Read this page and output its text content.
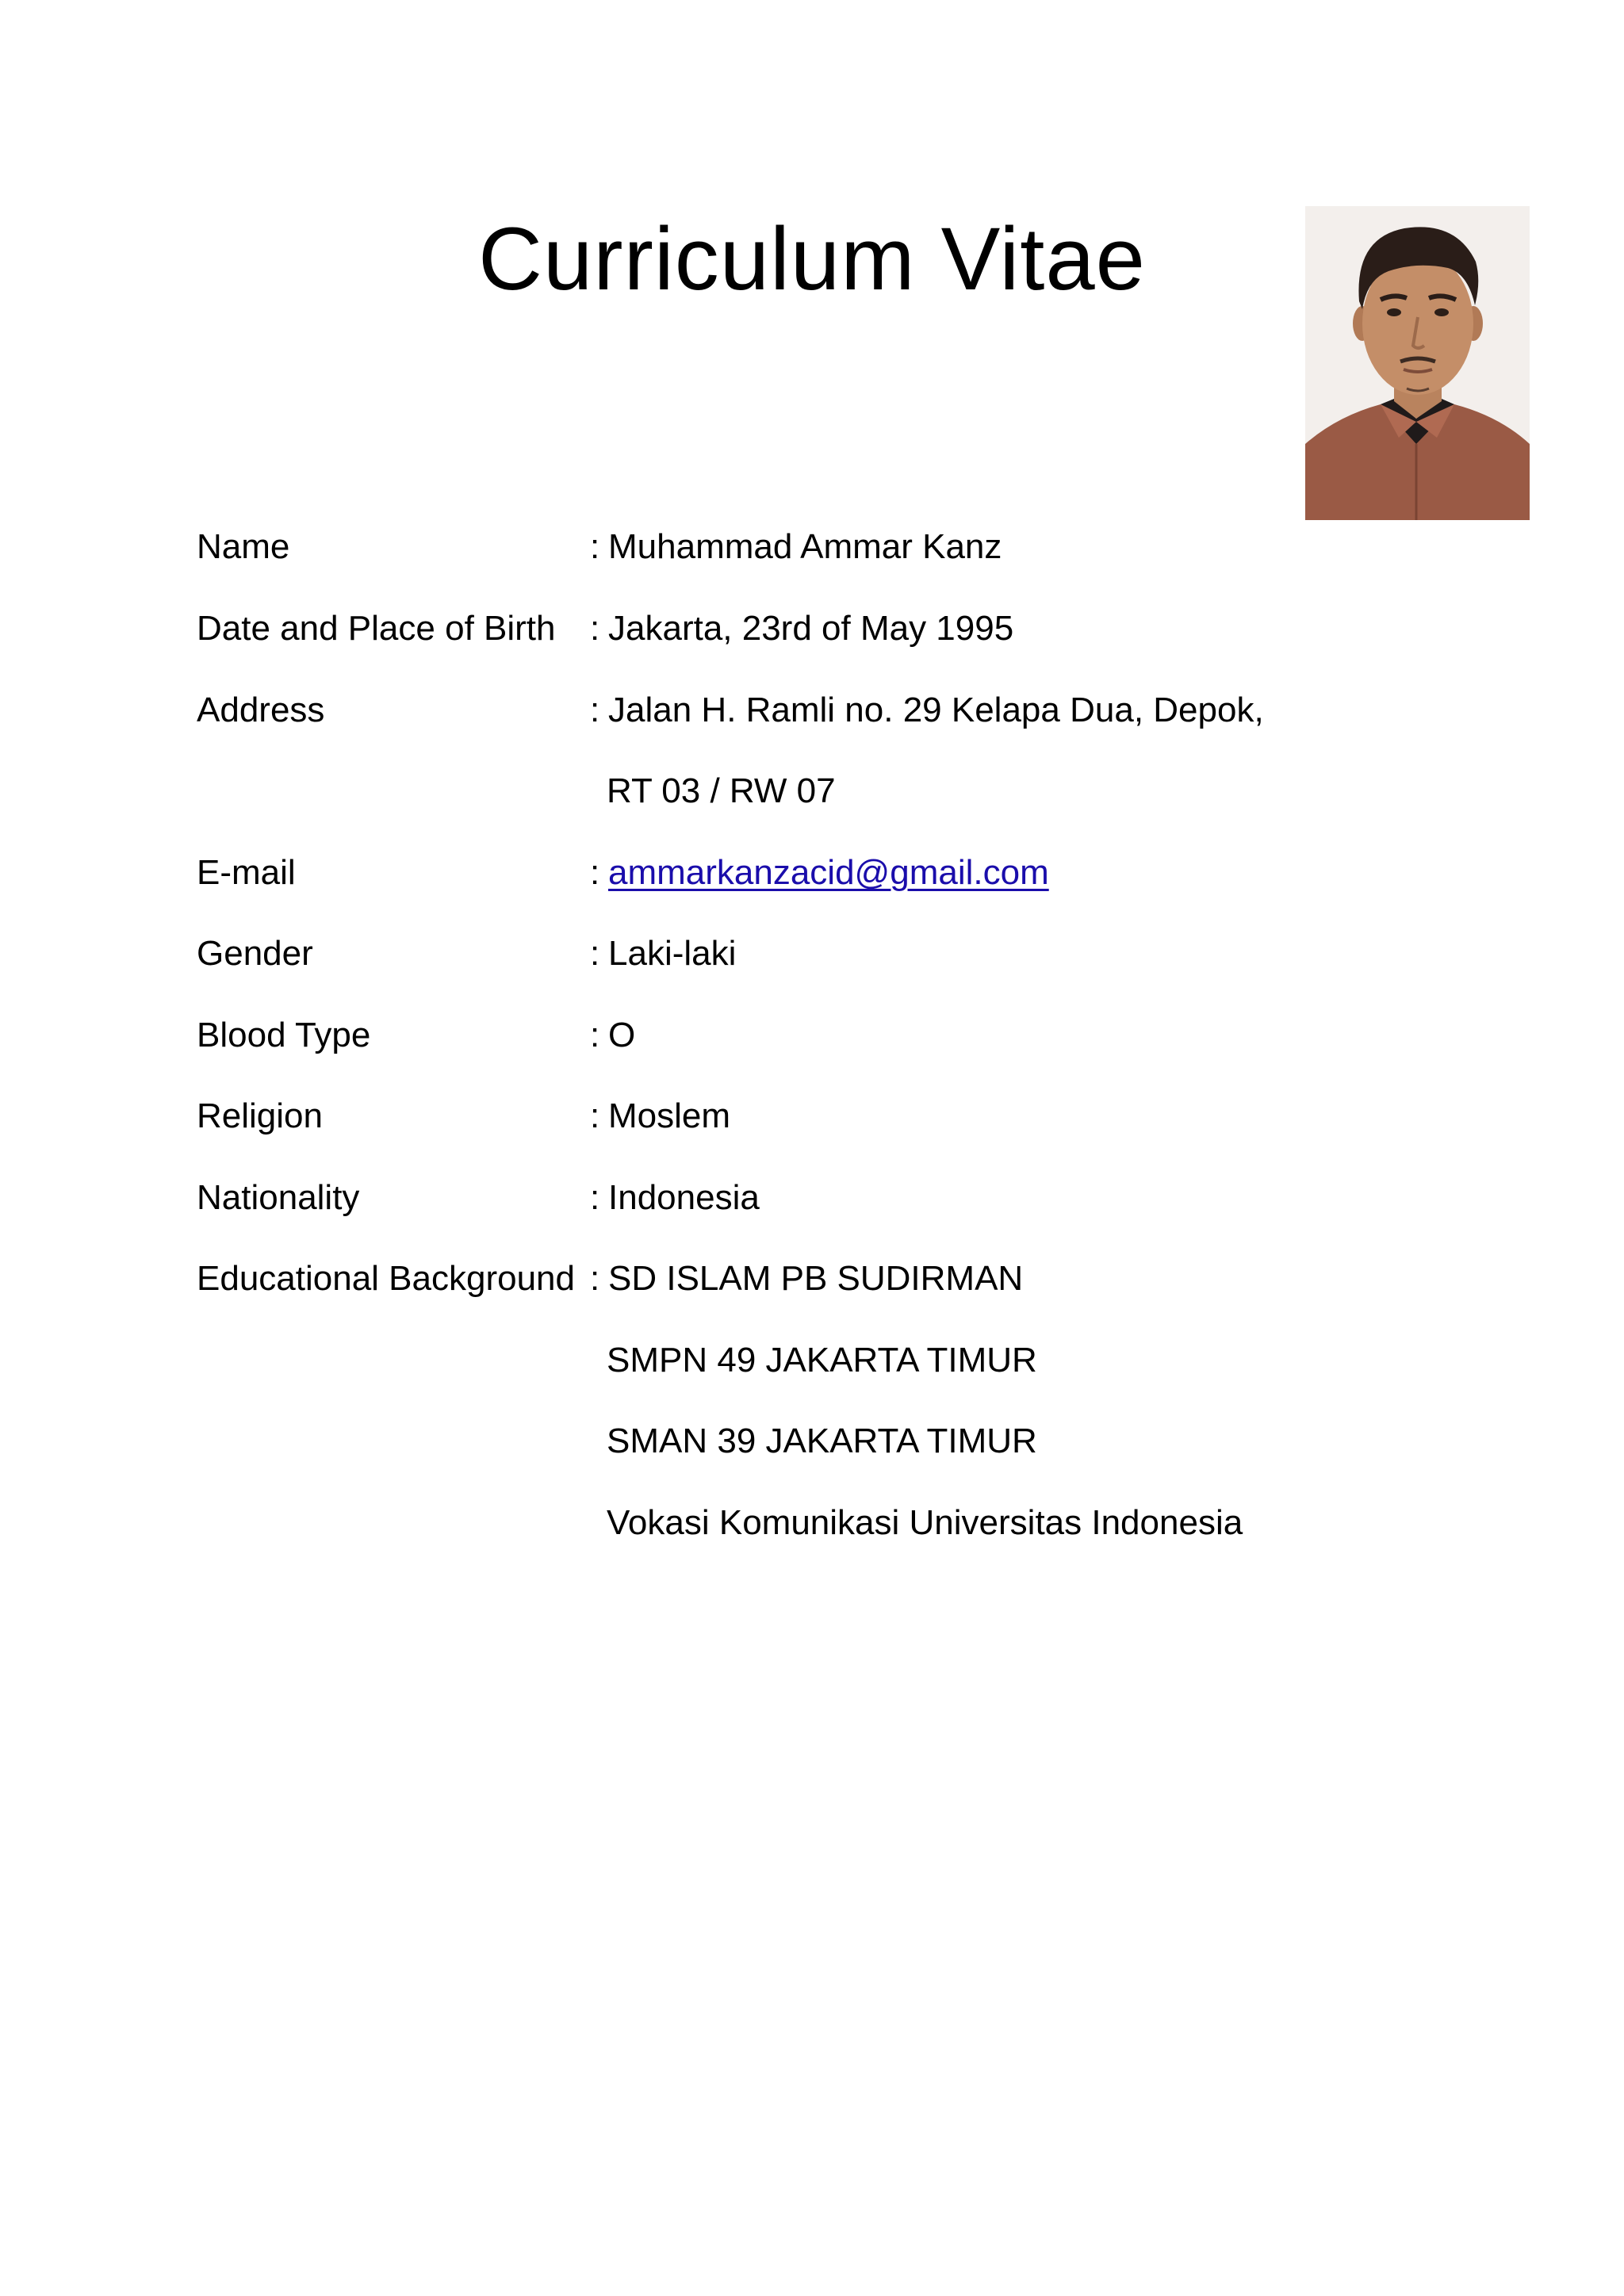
Curriculum Vitae
Name	: Muhammad Ammar Kanz
Date and Place of Birth : Jakarta, 23rd of May 1995
Address	: Jalan H. Ramli no. 29 Kelapa Dua, Depok,
RT 03 / RW 07
E-mail	: ammarkanzacid@gmail.com
Gender	: Laki-laki
Blood Type	: O
Religion	: Moslem
Nationality	: Indonesia
Educational Background : SD ISLAM PB SUDIRMAN
SMPN 49 JAKARTA TIMUR
SMAN 39 JAKARTA TIMUR
Vokasi Komunikasi Universitas Indonesia
